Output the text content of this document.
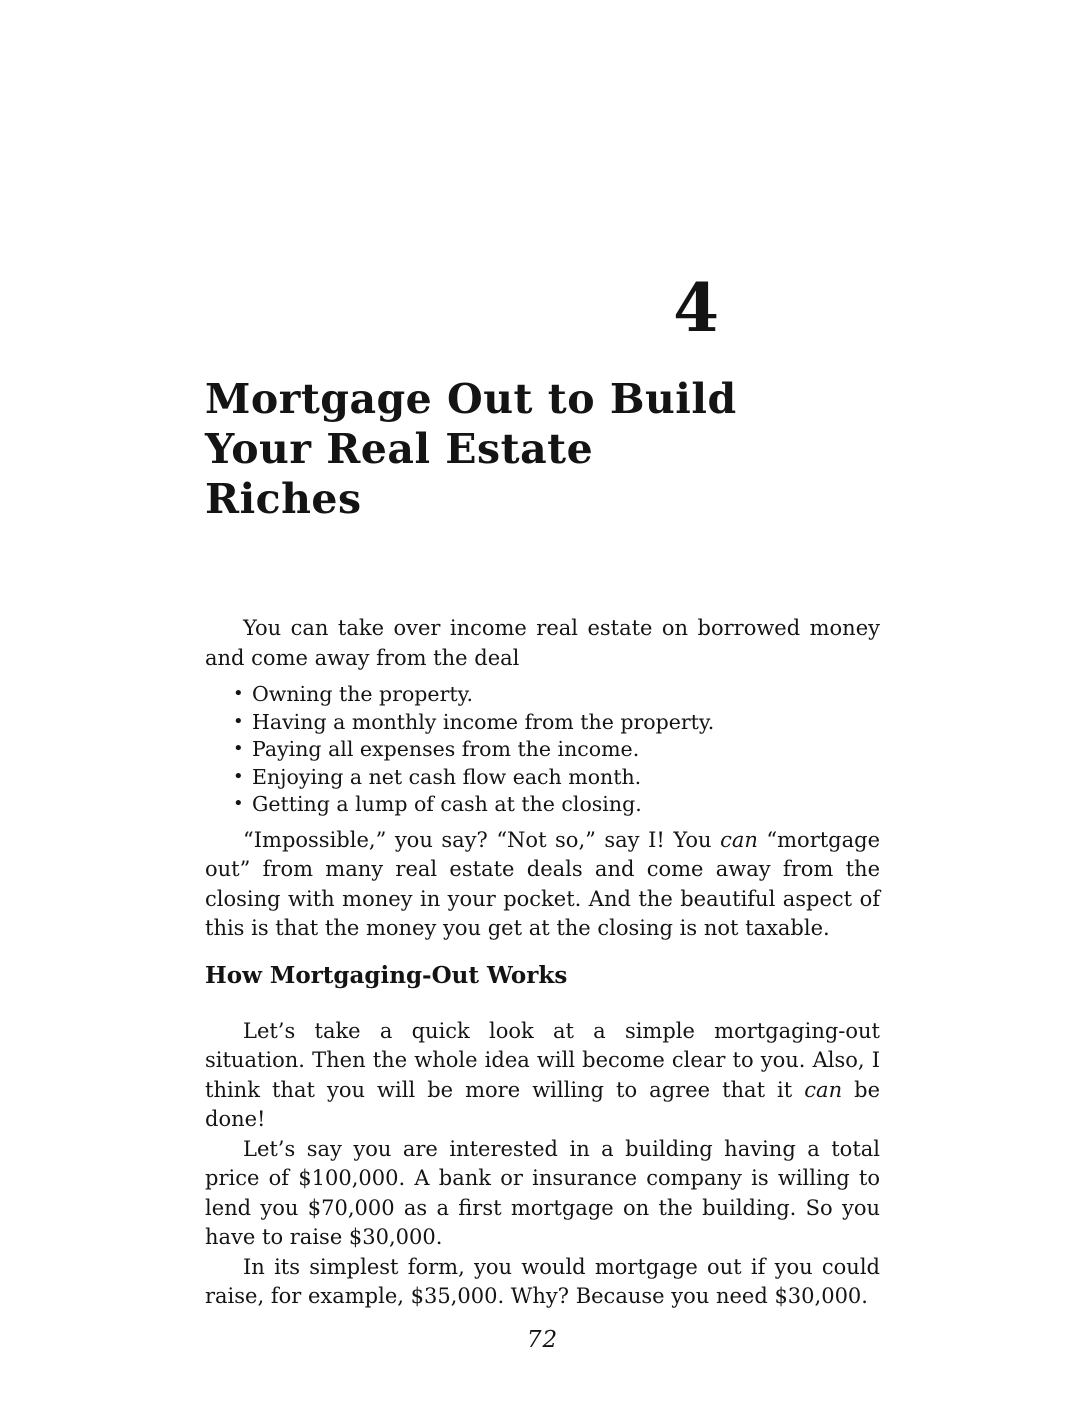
4
Mortgage Out to Build
Your Real Estate
Riches

You can take over income real estate on borrowed money and come away from the deal

• Owning the property.
• Having a monthly income from the property.
• Paying all expenses from the income.
• Enjoying a net cash flow each month.
• Getting a lump of cash at the closing.

“Impossible,” you say? “Not so,” say I! You can “mortgage out” from many real estate deals and come away from the closing with money in your pocket. And the beautiful aspect of this is that the money you get at the closing is not taxable.

How Mortgaging-Out Works

Let’s take a quick look at a simple mortgaging-out situation. Then the whole idea will become clear to you. Also, I think that you will be more willing to agree that it can be done!

Let’s say you are interested in a building having a total price of $100,000. A bank or insurance company is willing to lend you $70,000 as a first mortgage on the building. So you have to raise $30,000.

In its simplest form, you would mortgage out if you could raise, for example, $35,000. Why? Because you need $30,000.

72
